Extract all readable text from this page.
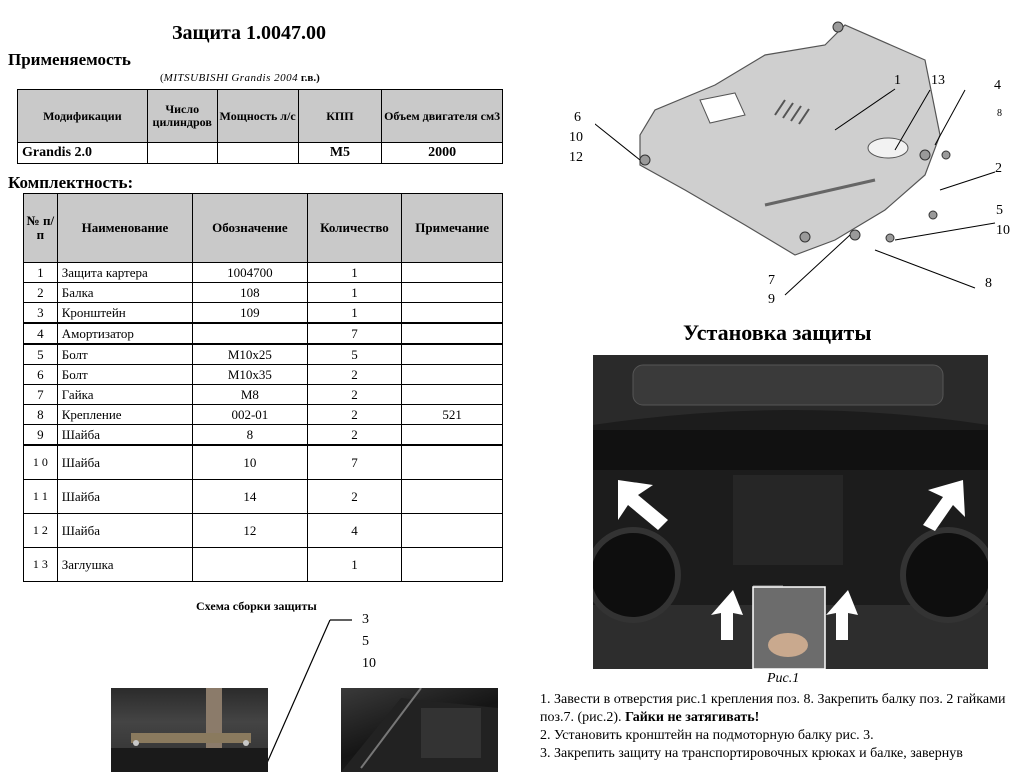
Защита 1.0047.00
Применяемость
(MITSUBISHI Grandis 2004 г.в.)
Модификации	Число цилиндров	Мощность л/с	КПП	Объем двигателя см3
Grandis 2.0			M5	2000
Комплектность:
№ п/п	Наименование	Обозначение	Количество	Примечание
1	Защита картера	1004700	1	
2	Балка	108	1	
3	Кронштейн	109	1	
4	Амортизатор		7	
5	Болт	M10x25	5	
6	Болт	M10x35	2	
7	Гайка	M8	2	
8	Крепление	002-01	2	521
9	Шайба	8	2	
1 0	Шайба	10	7	
1 1	Шайба	14	2	
1 2	Шайба	12	4	
1 3	Заглушка		1	
Схема сборки защиты
3
5
10
1 13	4
8
2
6
10
12
5
10
7
9
8
Установка защиты
Рис.1

1. Завести в отверстия рис.1 крепления поз. 8. Закрепить балку поз. 2 гайками поз.7. (рис.2). Гайки не затягивать!

2. Установить кронштейн на подмоторную балку рис. 3.

3. Закрепить защиту на транспортировочных крюках и балке, завернув
